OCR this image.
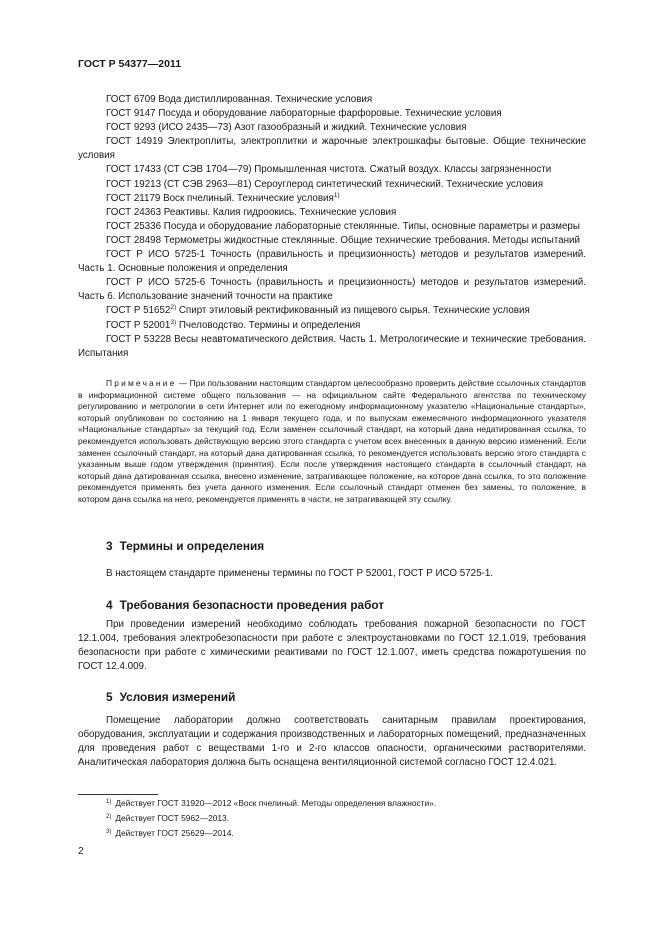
ГОСТ Р 54377—2011
ГОСТ 6709 Вода дистиллированная. Технические условия
ГОСТ 9147 Посуда и оборудование лабораторные фарфоровые. Технические условия
ГОСТ 9293 (ИСО 2435—73) Азот газообразный и жидкий. Технические условия
ГОСТ 14919 Электроплиты, электроплитки и жарочные электрошкафы бытовые. Общие технические условия
ГОСТ 17433 (СТ СЭВ 1704—79) Промышленная чистота. Сжатый воздух. Классы загрязненности
ГОСТ 19213 (СТ СЭВ 2963—81) Сероуглерод синтетический технический. Технические условия
ГОСТ 21179 Воск пчелиный. Технические условия$^{1)}$
ГОСТ 24363 Реактивы. Калия гидроокись. Технические условия
ГОСТ 25336 Посуда и оборудование лабораторные стеклянные. Типы, основные параметры и размеры
ГОСТ 28498 Термометры жидкостные стеклянные. Общие технические требования. Методы испытаний
ГОСТ Р ИСО 5725-1 Точность (правильность и прецизионность) методов и результатов измерений. Часть 1. Основные положения и определения
ГОСТ Р ИСО 5725-6 Точность (правильность и прецизионность) методов и результатов измерений. Часть 6. Использование значений точности на практике
ГОСТ Р 51652$^{2)}$ Спирт этиловый ректификованный из пищевого сырья. Технические условия
ГОСТ Р 52001$^{3)}$ Пчеловодство. Термины и определения
ГОСТ Р 53228 Весы неавтоматического действия. Часть 1. Метрологические и технические требования. Испытания
Примечание — При пользовании настоящим стандартом целесообразно проверить действие ссылочных стандартов в информационной системе общего пользования — на официальном сайте Федерального агентства по техническому регулированию и метрологии в сети Интернет или по ежегодному информационному указателю «Национальные стандарты», который опубликован по состоянию на 1 января текущего года, и по выпускам ежемесячного информационного указателя «Национальные стандарты» за текущий год. Если заменен ссылочный стандарт, на который дана недатированная ссылка, то рекомендуется использовать действующую версию этого стандарта с учетом всех внесенных в данную версию изменений. Если заменен ссылочный стандарт, на который дана датированная ссылка, то рекомендуется использовать версию этого стандарта с указанным выше годом утверждения (принятия). Если после утверждения настоящего стандарта в ссылочный стандарт, на который дана датированная ссылка, внесено изменение, затрагивающее положение, на которое дана ссылка, то это положение рекомендуется применять без учета данного изменения. Если ссылочный стандарт отменен без замены, то положение, в котором дана ссылка на него, рекомендуется применять в части, не затрагивающей эту ссылку.
3 Термины и определения
В настоящем стандарте применены термины по ГОСТ Р 52001, ГОСТ Р ИСО 5725-1.
4 Требования безопасности проведения работ
При проведении измерений необходимо соблюдать требования пожарной безопасности по ГОСТ 12.1.004, требования электробезопасности при работе с электроустановками по ГОСТ 12.1.019, требования безопасности при работе с химическими реактивами по ГОСТ 12.1.007, иметь средства пожаротушения по ГОСТ 12.4.009.
5 Условия измерений
Помещение лаборатории должно соответствовать санитарным правилам проектирования, оборудования, эксплуатации и содержания производственных и лабораторных помещений, предназначенных для проведения работ с веществами 1-го и 2-го классов опасности, органическими растворителями. Аналитическая лаборатория должна быть оснащена вентиляционной системой согласно ГОСТ 12.4.021.
$^{1)}$ Действует ГОСТ 31920—2012 «Воск пчелиный. Методы определения влажности».
$^{2)}$ Действует ГОСТ 5962—2013.
$^{3)}$ Действует ГОСТ 25629—2014.
2
